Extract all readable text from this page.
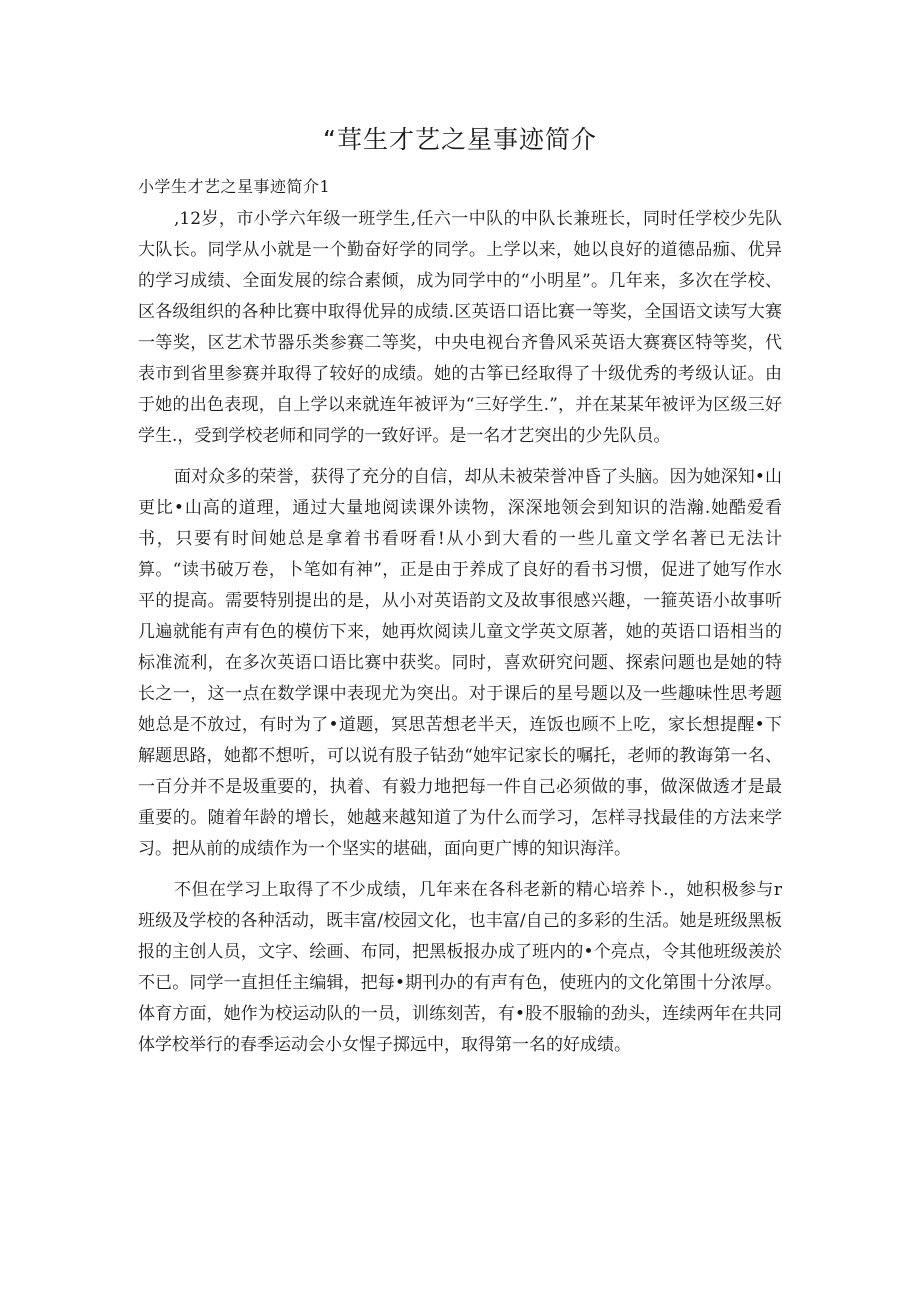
“茸生才艺之星事迹简介

小学生才艺之星事迹简介1

,12岁，市小学六年级一班学生,任六一中队的中队长兼班长，同时任学校少先队大队长。同学从小就是一个勤奋好学的同学。上学以来，她以良好的道德品痂、优异的学习成绩、全面发展的综合素倾，成为同学中的“小明星”。几年来，多次在学校、区各级组织的各种比赛中取得优异的成绩.区英语口语比赛一等奖，全国语文读写大赛一等奖，区艺术节器乐类参赛二等奖，中央电视台齐鲁风采英语大赛赛区特等奖，代表市到省里参赛并取得了较好的成绩。她的古筝已经取得了十级优秀的考级认证。由于她的出色表现，自上学以来就连年被评为“三好学生.”，并在某某年被评为区级三好学生.，受到学校老师和同学的一致好评。是一名才艺突出的少先队员。

面对众多的荣誉，获得了充分的自信，却从未被荣誉冲昏了头脑。因为她深知•山更比•山高的道理，通过大量地阅读课外读物，深深地领会到知识的浩瀚.她酷爱看书，只要有时间她总是拿着书看呀看!从小到大看的一些儿童文学名著已无法计算。“读书破万卷，卜笔如有神”，正是由于养成了良好的看书习惯，促进了她写作水平的提高。需要特别提出的是，从小对英语韵文及故事很感兴趣，一箍英语小故事听几遍就能有声有色的模仿下来，她再炊阅读儿童文学英文原著，她的英语口语相当的标准流利，在多次英语口语比赛中获奖。同时，喜欢研究问题、探索问题也是她的特长之一，这一点在数学课中表现尤为突出。对于课后的星号题以及一些趣味性思考题她总是不放过，有时为了•道题，冥思苦想老半天，连饭也顾不上吃，家长想提醒•下解题思路，她都不想听，可以说有股子钻劲“她牢记家长的嘱托，老师的教诲第一名、一百分并不是圾重要的，执着、有毅力地把每一件自己必须做的事，做深做透才是最重要的。随着年龄的增长，她越来越知道了为什么而学习，怎样寻找最佳的方法来学习。把从前的成绩作为一个坚实的堪础，面向更广博的知识海洋。

不但在学习上取得了不少成绩，几年来在各科老新的精心培养卜.，她积极参与r班级及学校的各种活动，既丰富/校园文化，也丰富/自己的多彩的生活。她是班级黑板报的主创人员，文字、绘画、布同，把黑板报办成了班内的•个亮点，令其他班级羡於不已。同学一直担任主编辑，把每•期刊办的有声有色，使班内的文化第围十分浓厚。体育方面，她作为校运动队的一员，训练刻苦，有•股不服输的劲头，连续两年在共同体学校举行的春季运动会小女惺子掷远中，取得第一名的好成绩。
